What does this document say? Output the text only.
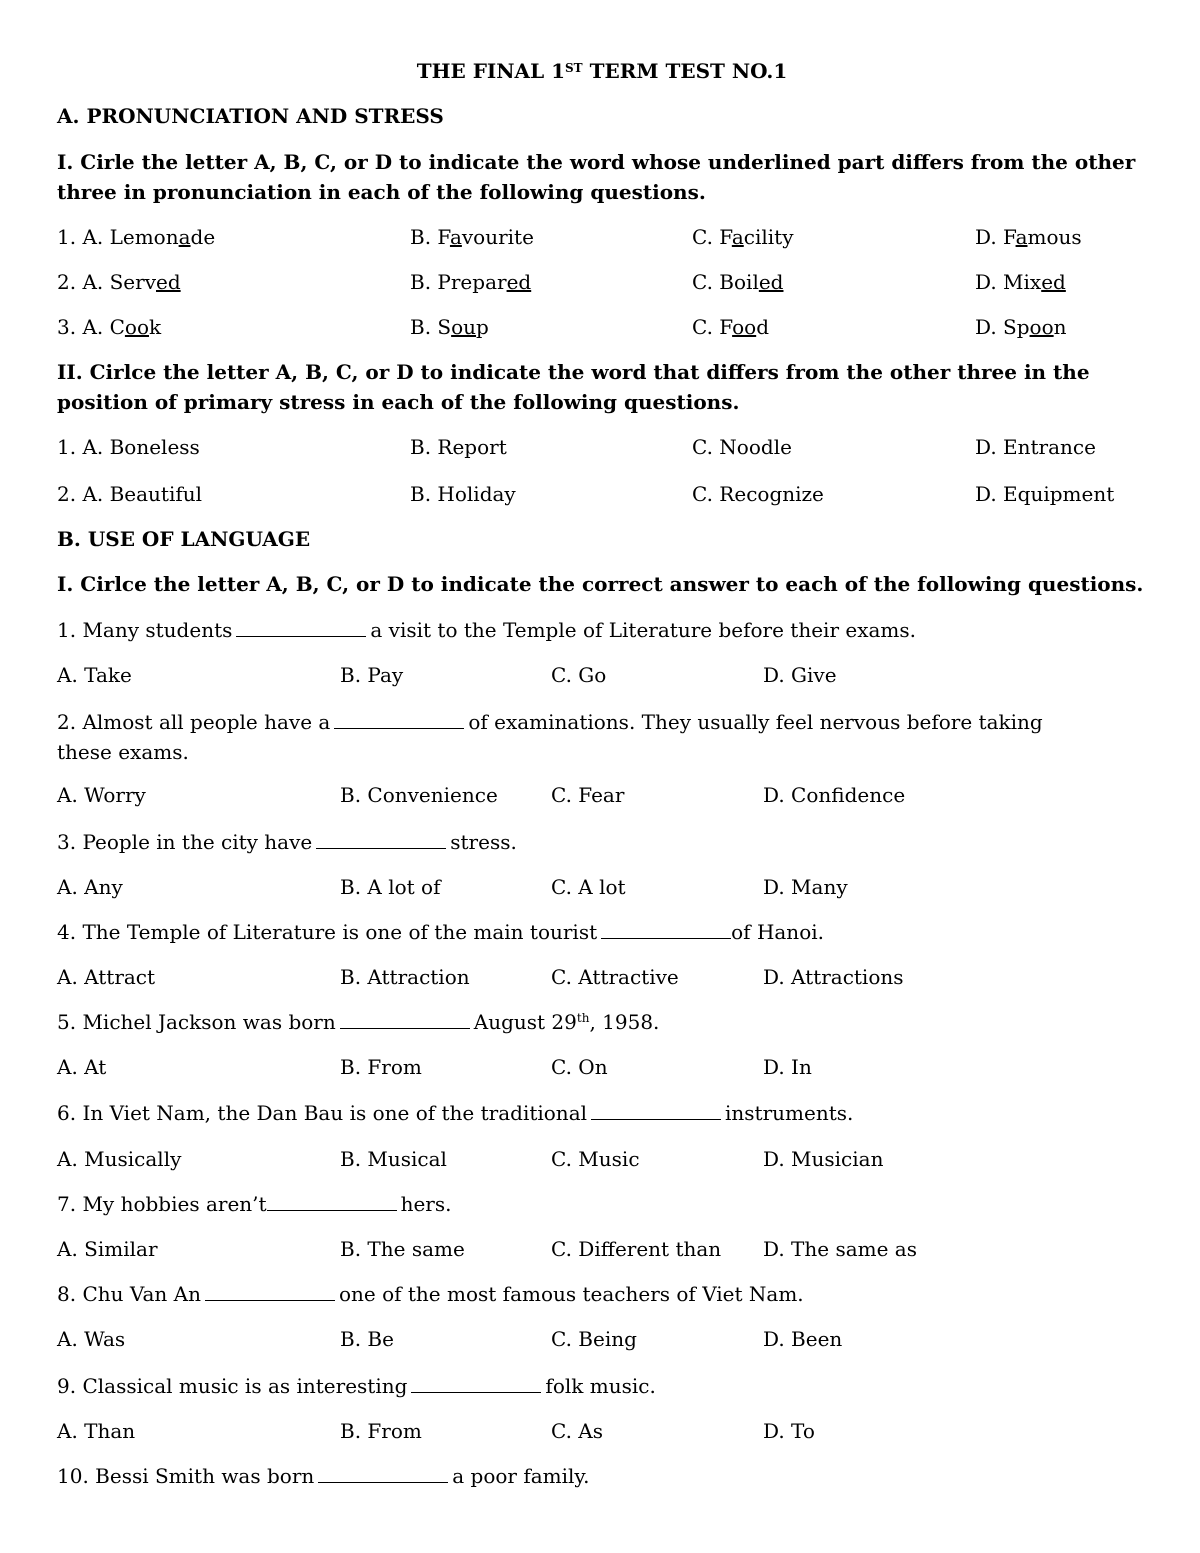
THE FINAL 1ST TERM TEST NO.1
A. PRONUNCIATION AND STRESS
I. Cirle the letter A, B, C, or D to indicate the word whose underlined part differs from the other three in pronunciation in each of the following questions.
1. A. Lemonade	B. Favourite	C. Facility	D. Famous
2. A. Served	B. Prepared	C. Boiled	D. Mixed
3. A. Cook	B. Soup	C. Food	D. Spoon
II. Cirlce the letter A, B, C, or D to indicate the word that differs from the other three in the position of primary stress in each of the following questions.
1. A. Boneless	B. Report	C. Noodle	D. Entrance
2. A. Beautiful	B. Holiday	C. Recognize	D. Equipment
B. USE OF LANGUAGE
I. Cirlce the letter A, B, C, or D to indicate the correct answer to each of the following questions.
1. Many students	a visit to the Temple of Literature before their exams.
A. Take	B. Pay	C. Go	D. Give
2. Almost all people have a	of examinations. They usually feel nervous before taking these exams.
A. Worry	B. Convenience	C. Fear	D. Confidence
3. People in the city have	stress.
A. Any	B. A lot of	C. A lot	D. Many
4. The Temple of Literature is one of the main tourist	of Hanoi.
A. Attract	B. Attraction	C. Attractive	D. Attractions
5. Michel Jackson was born	August 29th, 1958.
A. At	B. From	C. On	D. In
6. In Viet Nam, the Dan Bau is one of the traditional	instruments.
A. Musically	B. Musical	C. Music	D. Musician
7. My hobbies aren’t	hers.
A. Similar	B. The same	C. Different than D. The same as
8. Chu Van An	one of the most famous teachers of Viet Nam.
A. Was	B. Be	C. Being	D. Been
9. Classical music is as interesting	folk music.
A. Than	B. From	C. As	D. To
10. Bessi Smith was born	a poor family.
